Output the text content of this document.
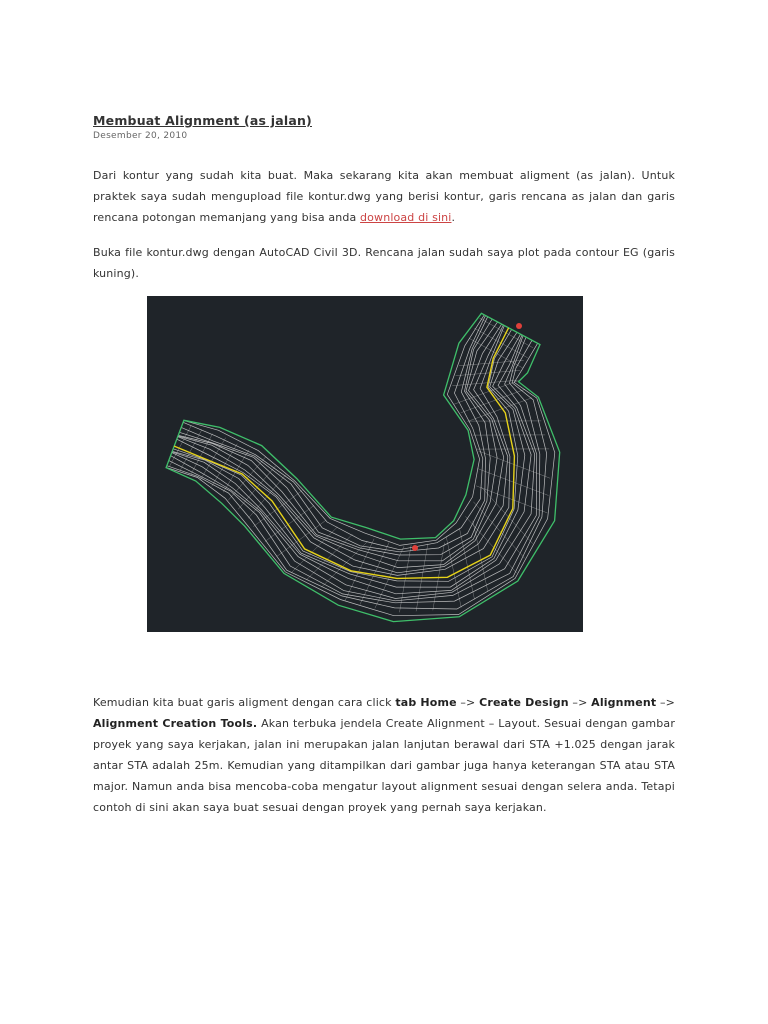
Membuat Alignment (as jalan)

Desember 20, 2010

Dari kontur yang sudah kita buat. Maka sekarang kita akan membuat aligment (as jalan). Untuk praktek saya sudah mengupload file kontur.dwg yang berisi kontur, garis rencana as jalan dan garis rencana potongan memanjang yang bisa anda download di sini.

Buka file kontur.dwg dengan AutoCAD Civil 3D. Rencana jalan sudah saya plot pada contour EG (garis kuning).

Kemudian kita buat garis aligment dengan cara click tab Home –> Create Design –> Alignment –> Alignment Creation Tools. Akan terbuka jendela Create Alignment – Layout. Sesuai dengan gambar proyek yang saya kerjakan, jalan ini merupakan jalan lanjutan berawal dari STA +1.025 dengan jarak antar STA adalah 25m. Kemudian yang ditampilkan dari gambar juga hanya keterangan STA atau STA major. Namun anda bisa mencoba-coba mengatur layout alignment sesuai dengan selera anda. Tetapi contoh di sini akan saya buat sesuai dengan proyek yang pernah saya kerjakan.
